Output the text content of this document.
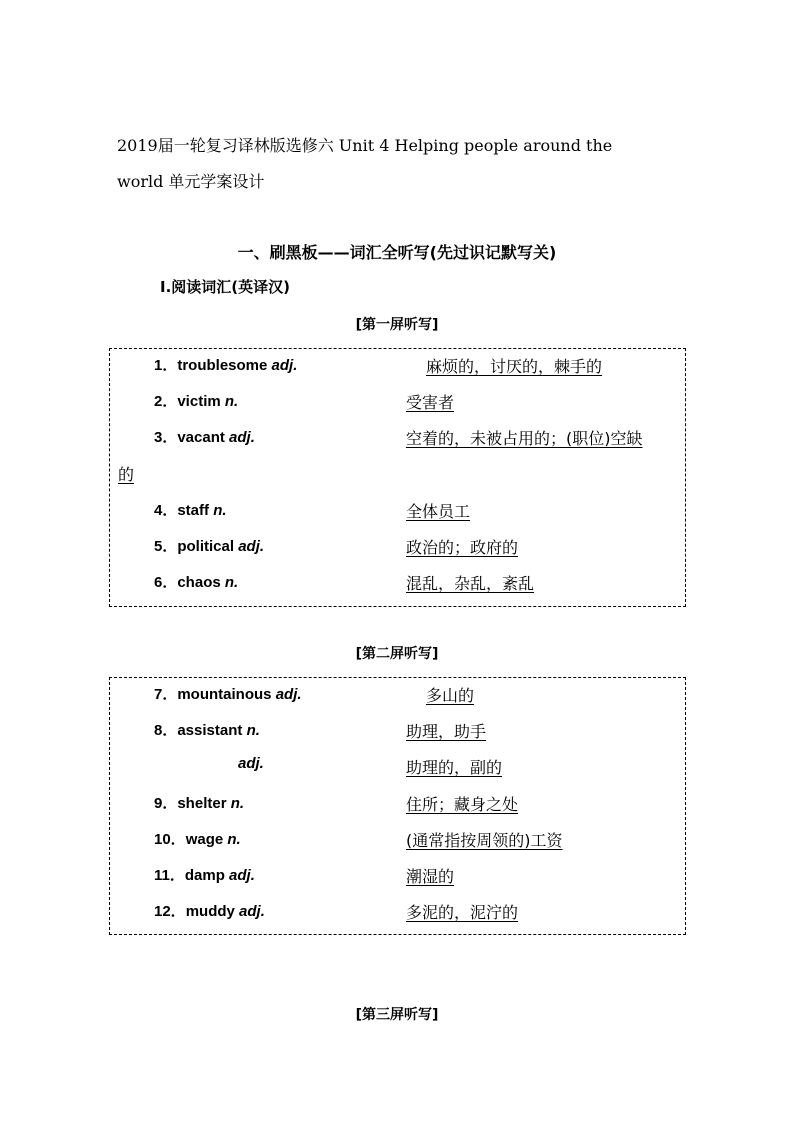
2019届一轮复习译林版选修六 Unit 4 Helping people around the
world 单元学案设计
一、刷黑板——词汇全听写(先过识记默写关)
Ⅰ.阅读词汇(英译汉)
[第一屏听写]
1．troublesome adj.	麻烦的，讨厌的，棘手的
2．victim n.	受害者
3．vacant adj.	空着的，未被占用的；(职位)空缺
的
4．staff n.	全体员工
5．political adj.	政治的；政府的
6．chaos n.	混乱，杂乱，紊乱
[第二屏听写]
7．mountainous adj.	多山的
8．assistant n.	助理，助手
adj.	助理的，副的
9．shelter n.	住所；藏身之处
10．wage n.	(通常指按周领的)工资
11．damp adj.	潮湿的
12．muddy adj.	多泥的，泥泞的
[第三屏听写]
